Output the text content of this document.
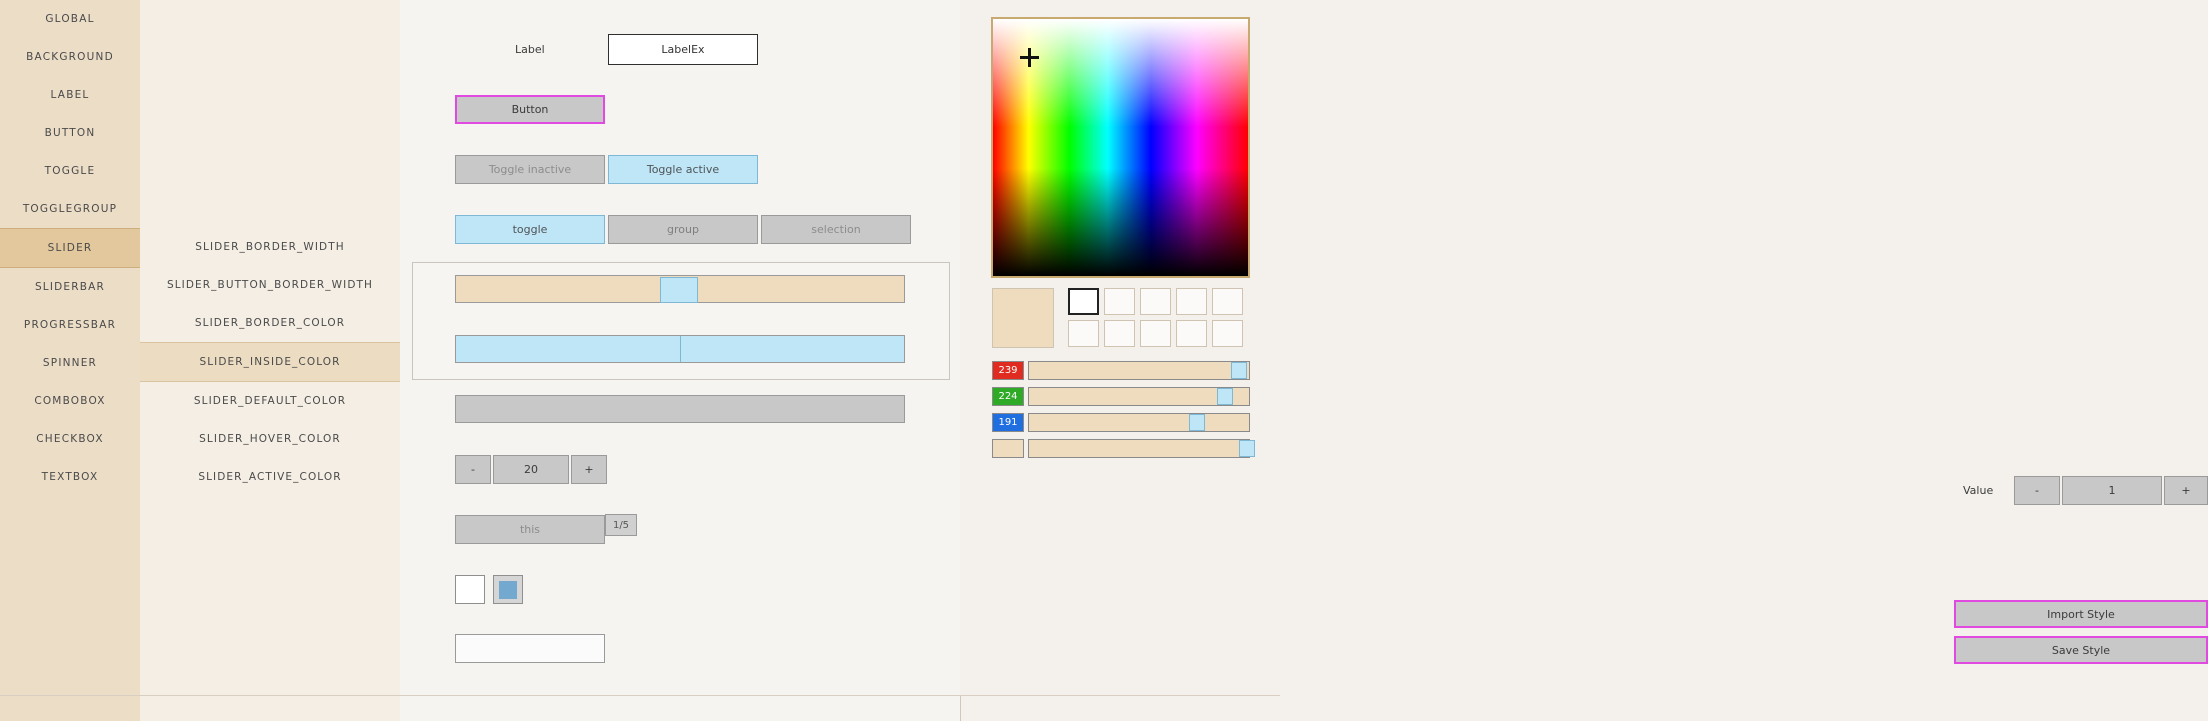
GLOBAL
BACKGROUND
LABEL
BUTTON
TOGGLE
TOGGLEGROUP
SLIDER
SLIDERBAR
PROGRESSBAR
SPINNER
COMBOBOX
CHECKBOX
TEXTBOX
SLIDER_BORDER_WIDTH
SLIDER_BUTTON_BORDER_WIDTH
SLIDER_BORDER_COLOR
SLIDER_INSIDE_COLOR
SLIDER_DEFAULT_COLOR
SLIDER_HOVER_COLOR
SLIDER_ACTIVE_COLOR
Label	LabelEx
Button
Toggle inactive	Toggle active
toggle	group	selection
-	20	+
this	1/5
239
224
191
Value	-	1	+
Import Style
Save Style
